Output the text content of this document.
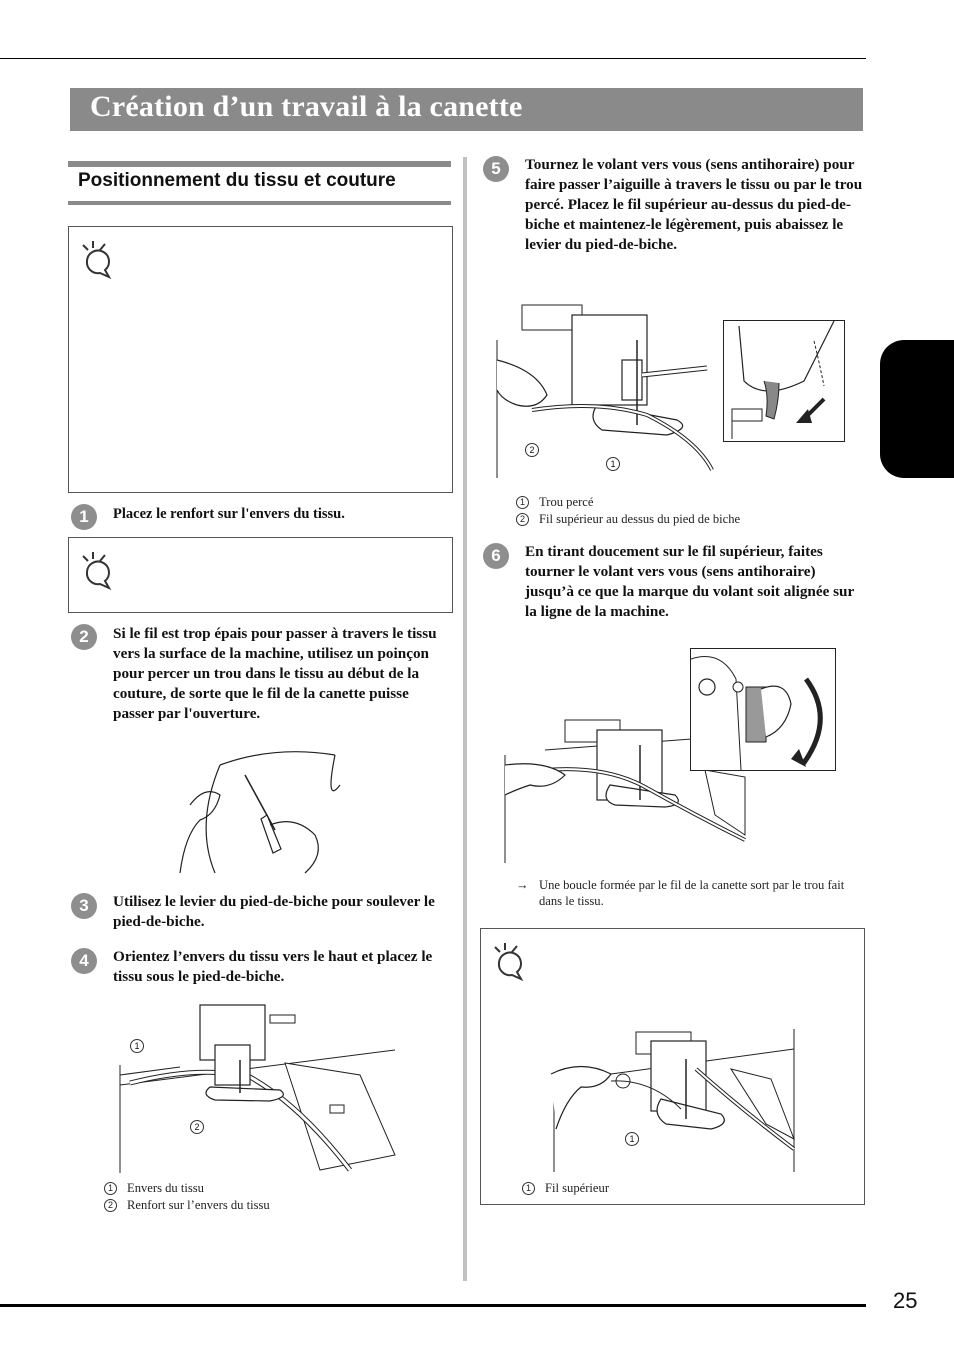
Création d’un travail à la canette
Positionnement du tissu et couture
1	Placez le renfort sur l'envers du tissu.
2	Si le fil est trop épais pour passer à travers le tissu vers la surface de la machine, utilisez un poinçon pour percer un trou dans le tissu au début de la couture, de sorte que le fil de la canette puisse passer par l'ouverture.
3	Utilisez le levier du pied-de-biche pour soulever le pied-de-biche.
4	Orientez l’envers du tissu vers le haut et placez le tissu sous le pied-de-biche.
1
2
1 Envers du tissu
2 Renfort sur l’envers du tissu
5	Tournez le volant vers vous (sens antihoraire) pour faire passer l’aiguille à travers le tissu ou par le trou percé. Placez le fil supérieur au-dessus du pied-de-biche et maintenez-le légèrement, puis abaissez le levier du pied-de-biche.
2
1
1 Trou percé
2 Fil supérieur au dessus du pied de biche
6	En tirant doucement sur le fil supérieur, faites tourner le volant vers vous (sens antihoraire) jusqu’à ce que la marque du volant soit alignée sur la ligne de la machine.
→ Une boucle formée par le fil de la canette sort par le trou fait dans le tissu.
1
1 Fil supérieur
25
